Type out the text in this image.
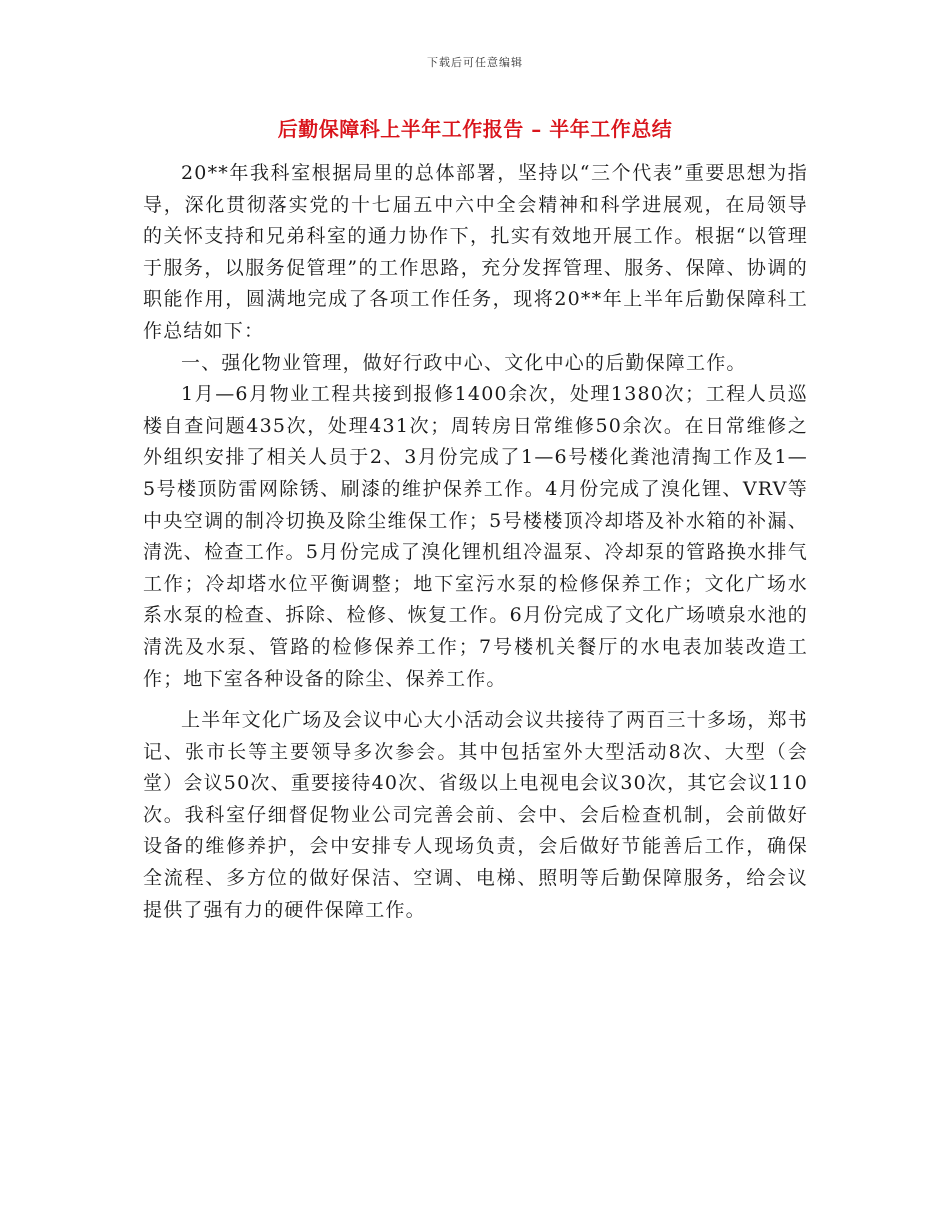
下载后可任意编辑
后勤保障科上半年工作报告 – 半年工作总结

20**年我科室根据局里的总体部署，坚持以“三个代表”重要思想为指导，深化贯彻落实党的十七届五中六中全会精神和科学进展观，在局领导的关怀支持和兄弟科室的通力协作下，扎实有效地开展工作。根据“以管理于服务，以服务促管理”的工作思路，充分发挥管理、服务、保障、协调的职能作用，圆满地完成了各项工作任务，现将20**年上半年后勤保障科工作总结如下：

一、强化物业管理，做好行政中心、文化中心的后勤保障工作。

1月—6月物业工程共接到报修1400余次，处理1380次；工程人员巡楼自查问题435次，处理431次；周转房日常维修50余次。在日常维修之外组织安排了相关人员于2、3月份完成了1—6号楼化粪池清掏工作及1—5号楼顶防雷网除锈、刷漆的维护保养工作。4月份完成了溴化锂、VRV等中央空调的制冷切换及除尘维保工作；5号楼楼顶冷却塔及补水箱的补漏、清洗、检查工作。5月份完成了溴化锂机组冷温泵、冷却泵的管路换水排气工作；冷却塔水位平衡调整；地下室污水泵的检修保养工作；文化广场水系水泵的检查、拆除、检修、恢复工作。6月份完成了文化广场喷泉水池的清洗及水泵、管路的检修保养工作；7号楼机关餐厅的水电表加装改造工作；地下室各种设备的除尘、保养工作。

上半年文化广场及会议中心大小活动会议共接待了两百三十多场，郑书记、张市长等主要领导多次参会。其中包括室外大型活动8次、大型（会堂）会议50次、重要接待40次、省级以上电视电会议30次，其它会议110次。我科室仔细督促物业公司完善会前、会中、会后检查机制，会前做好设备的维修养护，会中安排专人现场负责，会后做好节能善后工作，确保全流程、多方位的做好保洁、空调、电梯、照明等后勤保障服务，给会议提供了强有力的硬件保障工作。
